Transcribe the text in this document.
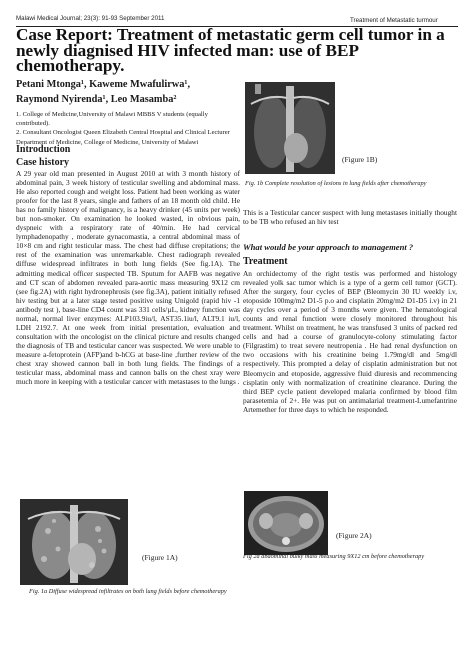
Malawi Medical Journal; 23(3): 91-93 September 2011	Treatment of Metastatic turmour
Case Report: Treatment of metastatic germ cell tumor in a newly diagnised HIV infected man: use of BEP chemotherapy.
Petani Mtonga¹, Kaweme Mwafulirwa¹,
Raymond Nyirenda¹, Leo Masamba²
1. College of Medicine,University of Malawi MBBS V students (equally contributed).
2. Consultant Oncologist Queen Elizabeth Central Hospital and Clinical Lecturer Department of Medicine, College of Medicine, University of Malawi
Introduction
Case history

A 29 year old man presented in August 2010 at with 3 month history of abdominal pain, 3 week history of testicular swelling and abdominal mass. He also reported cough and weight loss. Patient had been working as water proofer for the last 8 years, single and fathers of an 18 month old child. He has no family history of malignancy, is a heavy drinker (45 units per week) but non-smoker. On examination he looked wasted, in obvious pain, dyspneic with a respiratory rate of 40/min. He had cervical lymphadenopathy , moderate gynacomastia, a central abdominal mass of 10×8 cm and right testicular mass. The chest had diffuse crepitations; the rest of the examination was unremarkable. Chest radiograph revealed diffuse widespread infiltrates in both lung fields (See fig.1A). The admitting medical officer suspected TB. Sputum for AAFB was negative and CT scan of abdomen revealed para-aortic mass measuring 9X12 cm (see fig.2A) with right hydronephrosis (see fig.3A), patient initially refused hiv testing but at a later stage tested positive using Unigold (rapid hiv -1 antibody test ), base-line CD4 count was 331 cells/µL, kidney function was normal, normal liver enzymes: ALP103.9iu/l, AST35.1iu/l, ALT9.1 iu/l, LDH 2192.7. At one week from initial presentation, evaluation and consultation with the oncologist on the clinical picture and results changed the diagnosis of TB and testicular cancer was suspected. We were unable to measure a-fetoprotein (AFP)and b-hCG at base-line ,further review of the chest xray showed cannon ball in both lung fields. The findings of a testicular mass, abdominal mass and cannon balls on the chest xray were much more in keeping with a testicular cancer with metastases to the lungs .

(Figure 1A)
Fig. 1a Diffuse widespread infiltrates on both lung fields before chemotherapy
(Figure 1B)
Fig. 1b Complete resolution of lesions in lung fields after chemotherapy
This is a Testicular cancer suspect with lung metastases initially thought to be TB who refused an hiv test
What would be your approach to management ?
Treatment

An orchidectomy of the right testis was performed and histology revealed yolk sac tumor which is a type of a germ cell tumor (GCT). After the surgery, four cycles of BEP (Bleomycin 30 IU weekly i.v, etoposide 100mg/m2 D1-5 p.o and cisplatin 20mg/m2 D1-D5 i.v) in 21 day cycles over a period of 3 months were given. The hematological counts and renal function were closely monitored throughout his treatment. Whilst on treatment, he was transfused 3 units of packed red cells and had a course of granulocyte-colony stimulating factor (Filgrastim) to treat severe neutropenia . He had renal dysfunction on two occasions with his creatinine being 1.79mg/dl and 5mg/dl respectively. This prompted a delay of cisplatin administration but not Bleomycin and etoposide, aggressive fluid diuresis and recommencing cisplatin only with normalization of creatinine clearance. During the third BEP cycle patient developed malaria confirmed by blood film parasetemia of 2+. He was put on antimalarial treatment-Lumefantrine Artemether for three days to which he responded.

(Figure 2A)
Fig 2a abdominal bulky mass measuring 9X12 cm before chemotherapy
